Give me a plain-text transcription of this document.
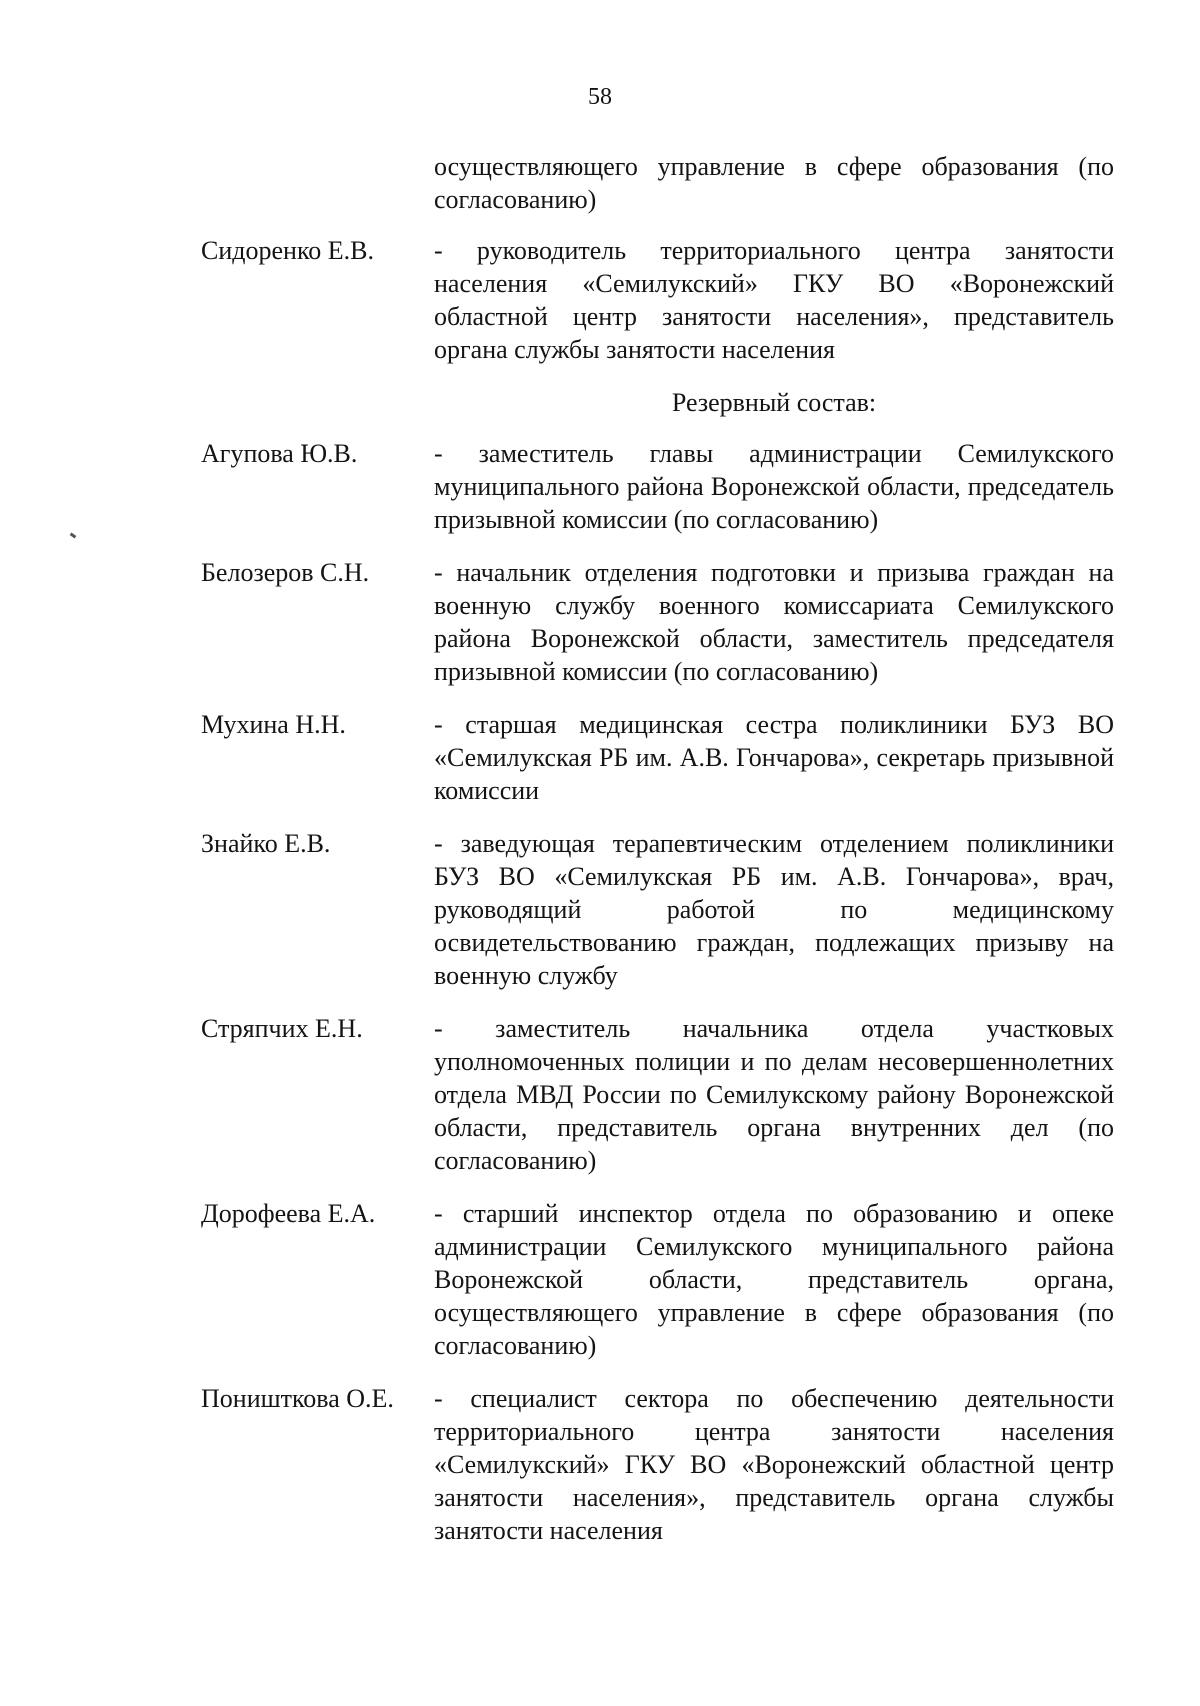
58
осуществляющего управление в сфере образования (по согласованию)
Сидоренко Е.В.	- руководитель территориального центра занятости населения «Семилукский» ГКУ ВО «Воронежский областной центр занятости населения», представитель органа службы занятости населения
Резервный состав:
Агупова Ю.В.	- заместитель главы администрации Семилукского муниципального района Воронежской области, председатель призывной комиссии (по согласованию)
Белозеров С.Н.	- начальник отделения подготовки и призыва граждан на военную службу военного комиссариата Семилукского района Воронежской области, заместитель председателя призывной комиссии (по согласованию)
Мухина Н.Н.	- старшая медицинская сестра поликлиники БУЗ ВО «Семилукская РБ им. А.В. Гончарова», секретарь призывной комиссии
Знайко Е.В.	- заведующая терапевтическим отделением поликлиники БУЗ ВО «Семилукская РБ им. А.В. Гончарова», врач, руководящий работой по медицинскому освидетельствованию граждан, подлежащих призыву на военную службу
Стряпчих Е.Н.	- заместитель начальника отдела участковых уполномоченных полиции и по делам несовершеннолетних отдела МВД России по Семилукскому району Воронежской области, представитель органа внутренних дел (по согласованию)
Дорофеева Е.А.	- старший инспектор отдела по образованию и опеке администрации Семилукского муниципального района Воронежской области, представитель органа, осуществляющего управление в сфере образования (по согласованию)
Поништкова О.Е.	- специалист сектора по обеспечению деятельности территориального центра занятости населения «Семилукский» ГКУ ВО «Воронежский областной центр занятости населения», представитель органа службы занятости населения
